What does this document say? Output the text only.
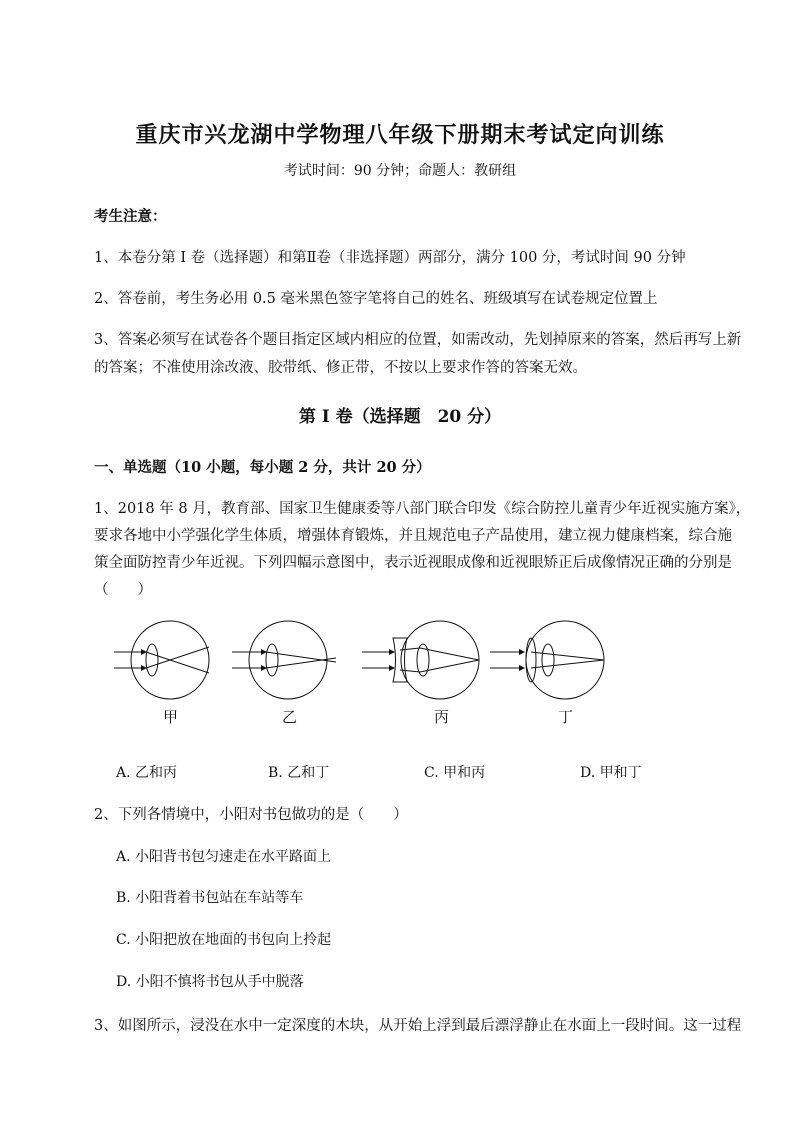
重庆市兴龙湖中学物理八年级下册期末考试定向训练
考试时间：90 分钟；命题人：教研组
考生注意：
1、本卷分第 I 卷（选择题）和第Ⅱ卷（非选择题）两部分，满分 100 分，考试时间 90 分钟
2、答卷前，考生务必用 0.5 毫米黑色签字笔将自己的姓名、班级填写在试卷规定位置上
3、答案必须写在试卷各个题目指定区域内相应的位置，如需改动，先划掉原来的答案，然后再写上新
的答案；不准使用涂改液、胶带纸、修正带，不按以上要求作答的答案无效。
第 I 卷（选择题　20 分）
一、单选题（10 小题，每小题 2 分，共计 20 分）
1、2018 年 8 月，教育部、国家卫生健康委等八部门联合印发《综合防控儿童青少年近视实施方案》，
要求各地中小学强化学生体质，增强体育锻炼，并且规范电子产品使用，建立视力健康档案，综合施
策全面防控青少年近视。下列四幅示意图中，表示近视眼成像和近视眼矫正后成像情况正确的分别是
（　　）
甲	乙	丙	丁
A. 乙和丙	B. 乙和丁	C. 甲和丙	D. 甲和丁
2、下列各情境中，小阳对书包做功的是（　　）
A. 小阳背书包匀速走在水平路面上
B. 小阳背着书包站在车站等车
C. 小阳把放在地面的书包向上拎起
D. 小阳不慎将书包从手中脱落
3、如图所示，浸没在水中一定深度的木块，从开始上浮到最后漂浮静止在水面上一段时间。这一过程
